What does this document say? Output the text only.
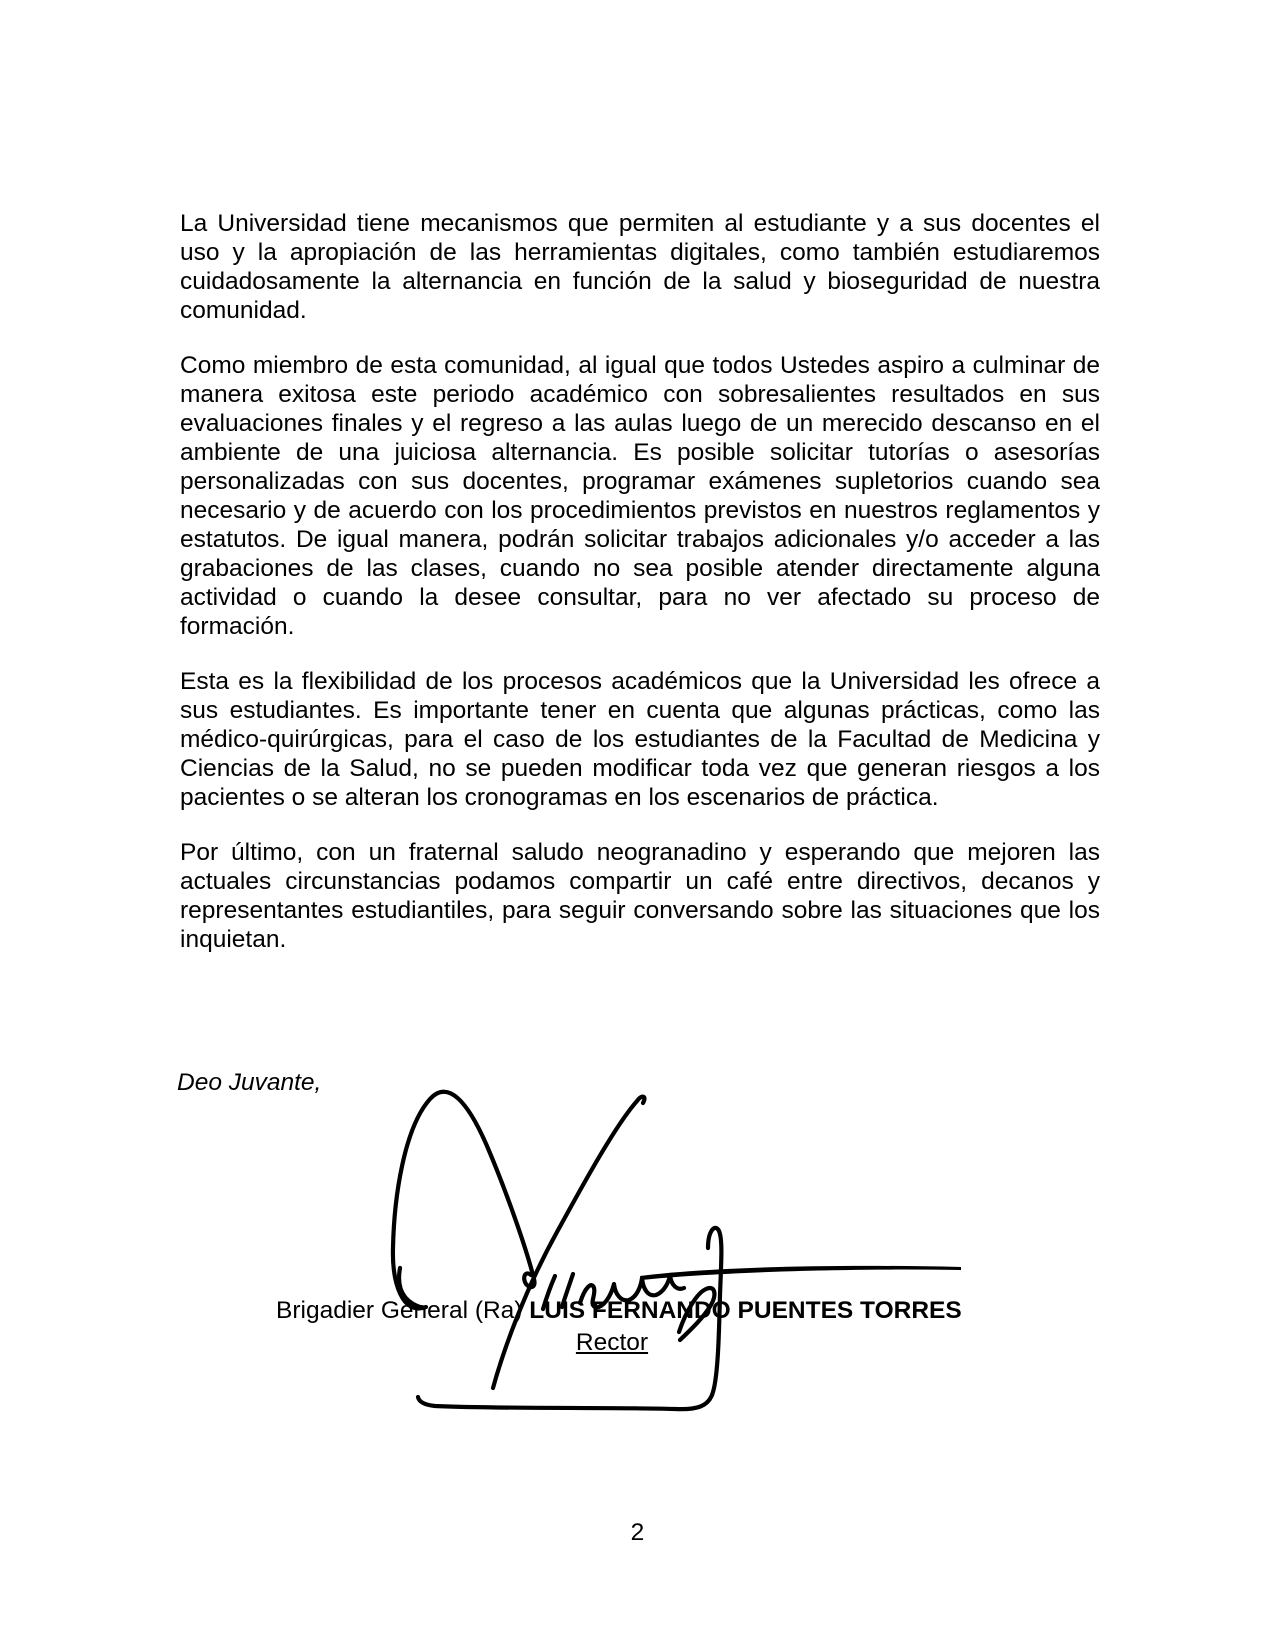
La Universidad tiene mecanismos que permiten al estudiante y a sus docentes el uso y la apropiación de las herramientas digitales, como también estudiaremos cuidadosamente la alternancia en función de la salud y bioseguridad de nuestra comunidad.

Como miembro de esta comunidad, al igual que todos Ustedes aspiro a culminar de manera exitosa este periodo académico con sobresalientes resultados en sus evaluaciones finales y el regreso a las aulas luego de un merecido descanso en el ambiente de una juiciosa alternancia. Es posible solicitar tutorías o asesorías personalizadas con sus docentes, programar exámenes supletorios cuando sea necesario y de acuerdo con los procedimientos previstos en nuestros reglamentos y estatutos. De igual manera, podrán solicitar trabajos adicionales y/o acceder a las grabaciones de las clases, cuando no sea posible atender directamente alguna actividad o cuando la desee consultar, para no ver afectado su proceso de formación.

Esta es la flexibilidad de los procesos académicos que la Universidad les ofrece a sus estudiantes. Es importante tener en cuenta que algunas prácticas, como las médico-quirúrgicas, para el caso de los estudiantes de la Facultad de Medicina y Ciencias de la Salud, no se pueden modificar toda vez que generan riesgos a los pacientes o se alteran los cronogramas en los escenarios de práctica.

Por último, con un fraternal saludo neogranadino y esperando que mejoren las actuales circunstancias podamos compartir un café entre directivos, decanos y representantes estudiantiles, para seguir conversando sobre las situaciones que los inquietan.

Deo Juvante,
Brigadier General (Ra) LUIS FERNANDO PUENTES TORRES
Rector
2
